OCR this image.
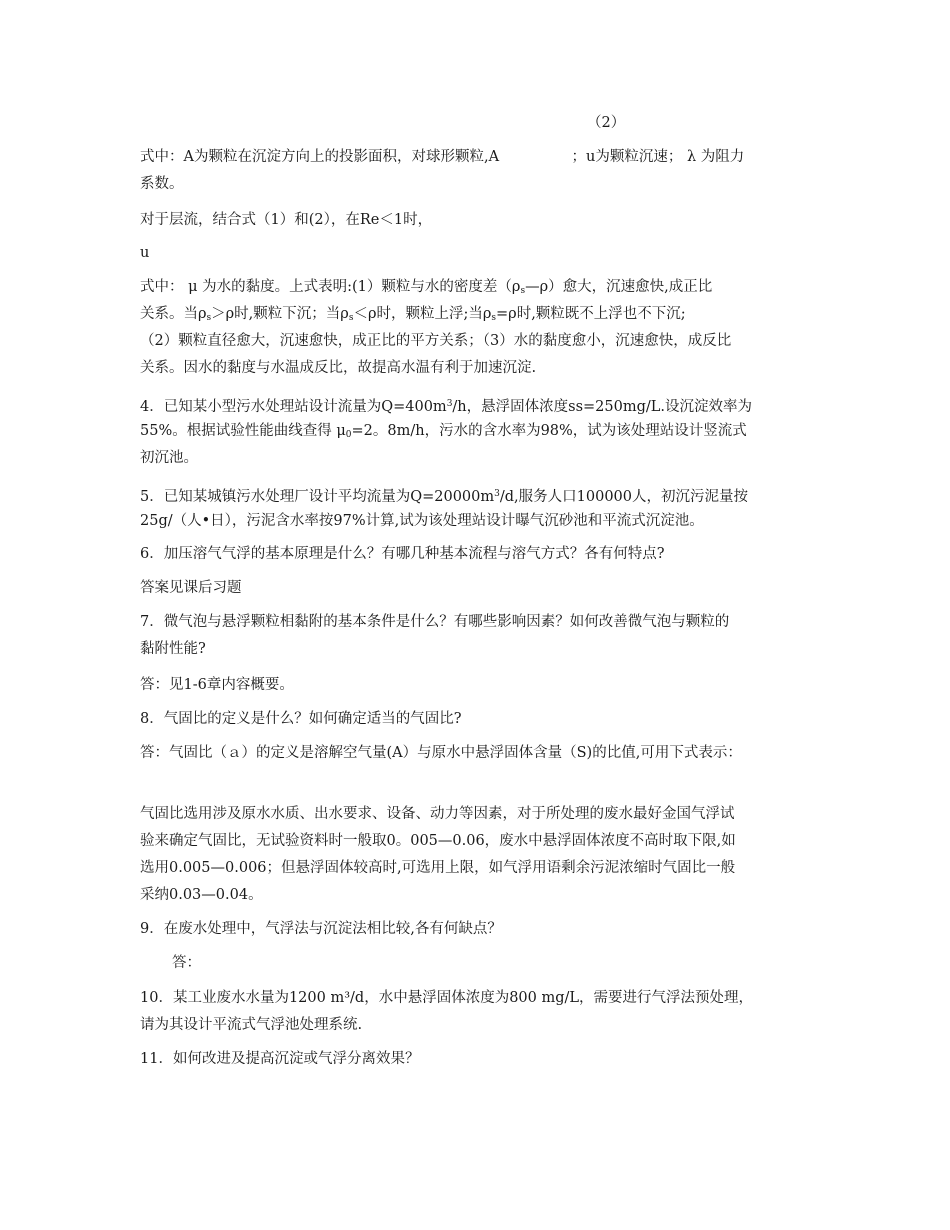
（2）
式中：A为颗粒在沉淀方向上的投影面积，对球形颗粒,A　　　　　；u为颗粒沉速； λ 为阻力
系数。
对于层流，结合式（1）和(2），在Re＜1时，
u
式中： μ 为水的黏度。上式表明:(1）颗粒与水的密度差$(\rho_s—\rho)$愈大，沉速愈快,成正比
关系。当$\rho_s>\rho$时,颗粒下沉；当$\rho_s<\rho$时，颗粒上浮;当$\rho_s=\rho$时,颗粒既不上浮也不下沉;
（2）颗粒直径愈大，沉速愈快，成正比的平方关系；（3）水的黏度愈小，沉速愈快，成反比
关系。因水的黏度与水温成反比，故提高水温有利于加速沉淀.
4．已知某小型污水处理站设计流量为$Q=400m^3/h$，悬浮固体浓度ss=250mg/L.设沉淀效率为
55%。根据试验性能曲线查得 $\mu_0=2$。8m/h，污水的含水率为98%，试为该处理站设计竖流式
初沉池。
5．已知某城镇污水处理厂设计平均流量为$Q=20000m^3/d$,服务人口100000人，初沉污泥量按
25g/（人•日），污泥含水率按97%计算,试为该处理站设计曝气沉砂池和平流式沉淀池。
6．加压溶气气浮的基本原理是什么？有哪几种基本流程与溶气方式？各有何特点?
答案见课后习题
7．微气泡与悬浮颗粒相黏附的基本条件是什么？有哪些影响因素？如何改善微气泡与颗粒的
黏附性能?
答：见1-6章内容概要。
8．气固比的定义是什么？如何确定适当的气固比?
答：气固比（ａ）的定义是溶解空气量(A）与原水中悬浮固体含量（S)的比值,可用下式表示：
气固比选用涉及原水水质、出水要求、设备、动力等因素，对于所处理的废水最好金国气浮试
验来确定气固比，无试验资料时一般取0。005—0.06，废水中悬浮固体浓度不高时取下限,如
选用0.005—0.006；但悬浮固体较高时,可选用上限，如气浮用语剩余污泥浓缩时气固比一般
采纳0.03—0.04。
9．在废水处理中，气浮法与沉淀法相比较,各有何缺点？
答：
10．某工业废水水量为1200 m³/d，水中悬浮固体浓度为800 mg/L，需要进行气浮法预处理，
请为其设计平流式气浮池处理系统.
11．如何改进及提高沉淀或气浮分离效果？
